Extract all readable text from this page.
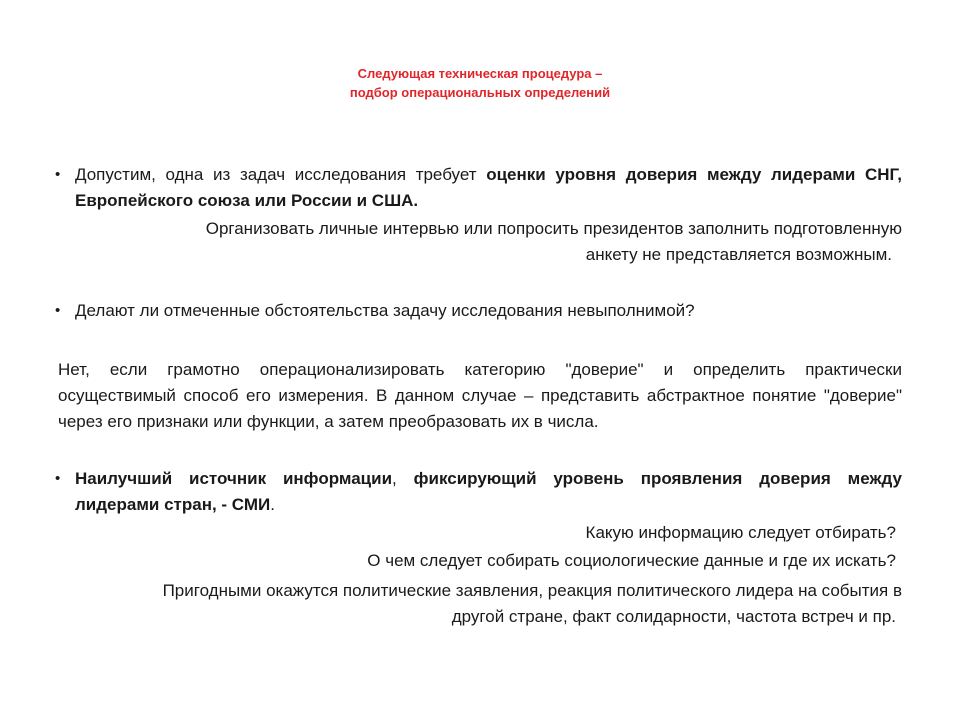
Следующая техническая процедура –
подбор операциональных определений
• Допустим, одна из задач исследования требует оценки уровня доверия между лидерами СНГ, Европейского союза или России и США.
Организовать личные интервью или попросить президентов заполнить подготовленную
анкету не представляется возможным.
• Делают ли отмеченные обстоятельства задачу исследования невыполнимой?
Нет, если грамотно операционализировать категорию "доверие" и определить практически осуществимый способ его измерения. В данном случае – представить абстрактное понятие "доверие" через его признаки или функции, а затем преобразовать их в числа.
• Наилучший источник информации, фиксирующий уровень проявления доверия между лидерами стран, - СМИ.
Какую информацию следует отбирать?
О чем следует собирать социологические данные и где их искать?
Пригодными окажутся политические заявления, реакция политического лидера на события в
другой стране, факт солидарности, частота встреч и пр.
